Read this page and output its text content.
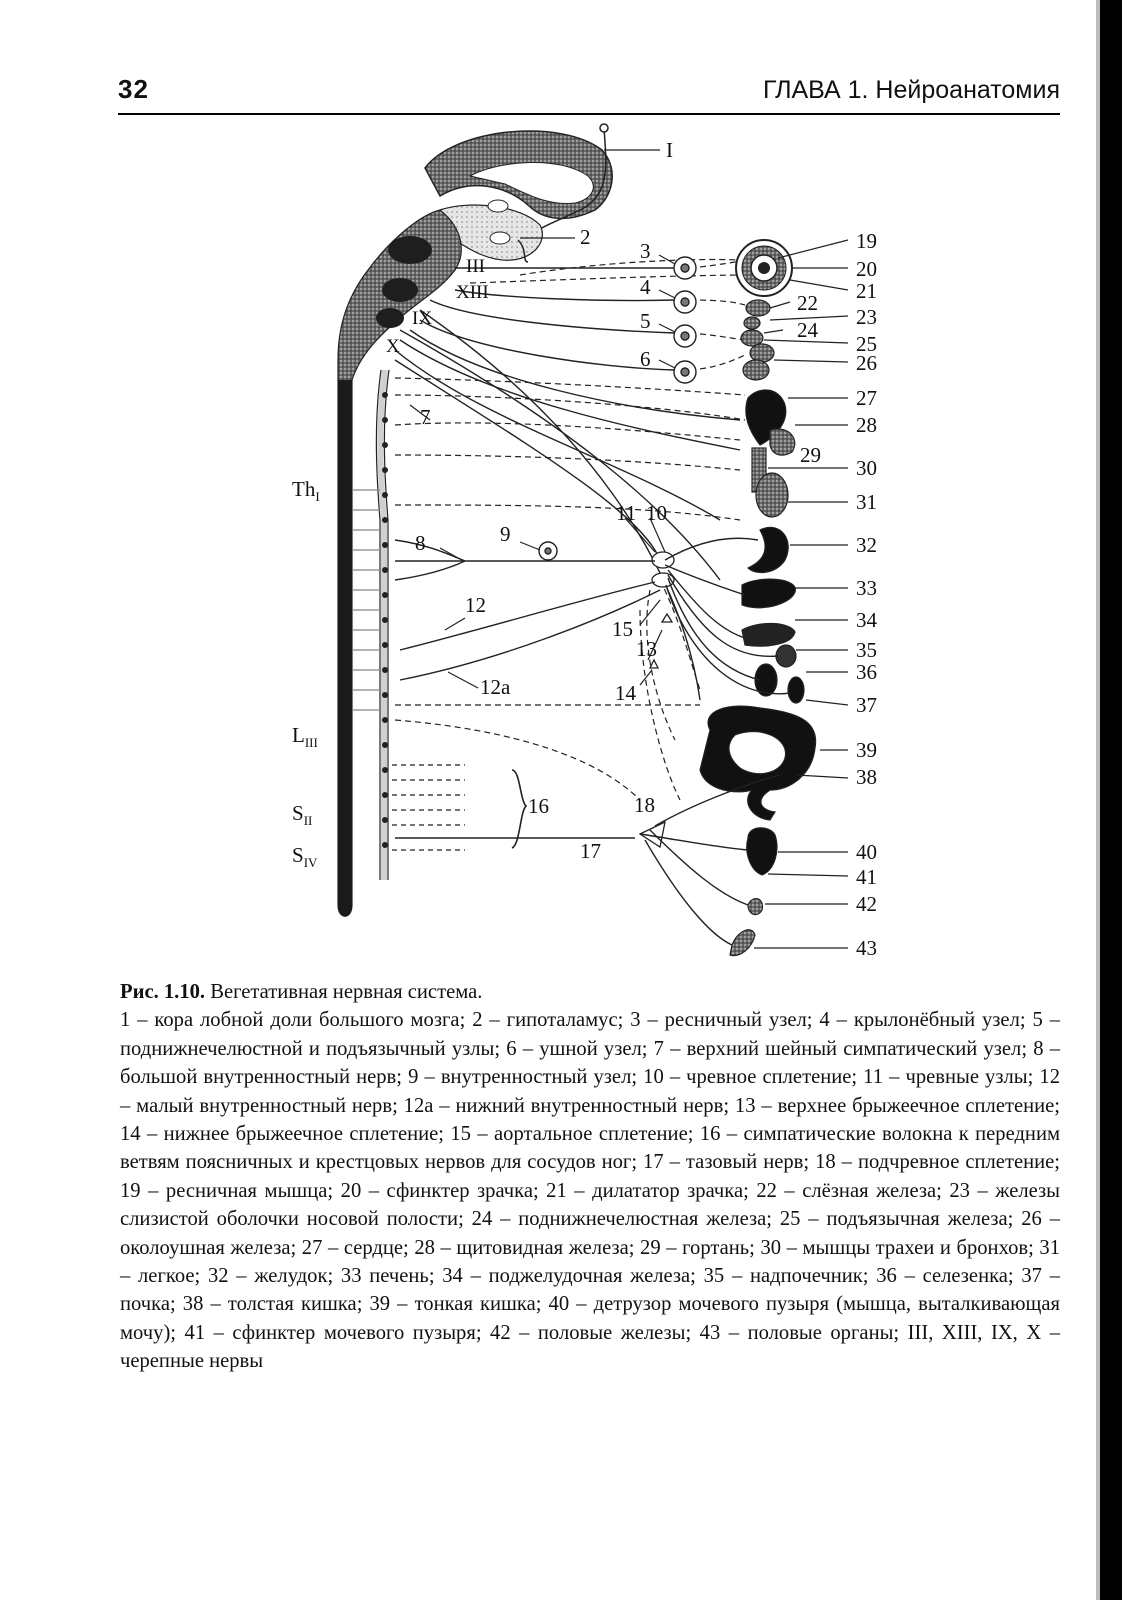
32	ГЛАВА 1. Нейроанатомия
I
2
3
4
5
6
7
8	9
10
11
12
12a
13
14
15
16
17
18
19
20
21
22
23
24
25
26
27
28
29
30
31
32
33
34
35
36
37
38
39
40
41
42
43
III
XIII
IX
X
$Th_I$
$L_{III}$
$S_{II}$
$S_{IV}$
Рис. 1.10. Вегетативная нервная система.
1 – кора лобной доли большого мозга; 2 – гипоталамус; 3 – ресничный узел; 4 – крылонёбный узел; 5 – поднижнечелюстной и подъязычный узлы; 6 – ушной узел; 7 – верхний шейный симпатический узел; 8 – большой внутренностный нерв; 9 – внутренностный узел; 10 – чревное сплетение; 11 – чревные узлы; 12 – малый внутренностный нерв; 12а – нижний внутренностный нерв; 13 – верхнее брыжеечное сплетение; 14 – нижнее брыжеечное сплетение; 15 – аортальное сплетение; 16 – симпатические волокна к передним ветвям поясничных и крестцовых нервов для сосудов ног; 17 – тазовый нерв; 18 – подчревное сплетение; 19 – ресничная мышца; 20 – сфинктер зрачка; 21 – дилататор зрачка; 22 – слёзная железа; 23 – железы слизистой оболочки носовой полости; 24 – поднижнечелюстная железа; 25 – подъязычная железа; 26 – околоушная железа; 27 – сердце; 28 – щитовидная железа; 29 – гортань; 30 – мышцы трахеи и бронхов; 31 – легкое; 32 – желудок; 33 печень; 34 – поджелудочная железа; 35 – надпочечник; 36 – селезенка; 37 – почка; 38 – толстая кишка; 39 – тонкая кишка; 40 – детрузор мочевого пузыря (мышца, выталкивающая мочу); 41 – сфинктер мочевого пузыря; 42 – половые железы; 43 – половые органы; III, XIII, IX, X – черепные нервы
